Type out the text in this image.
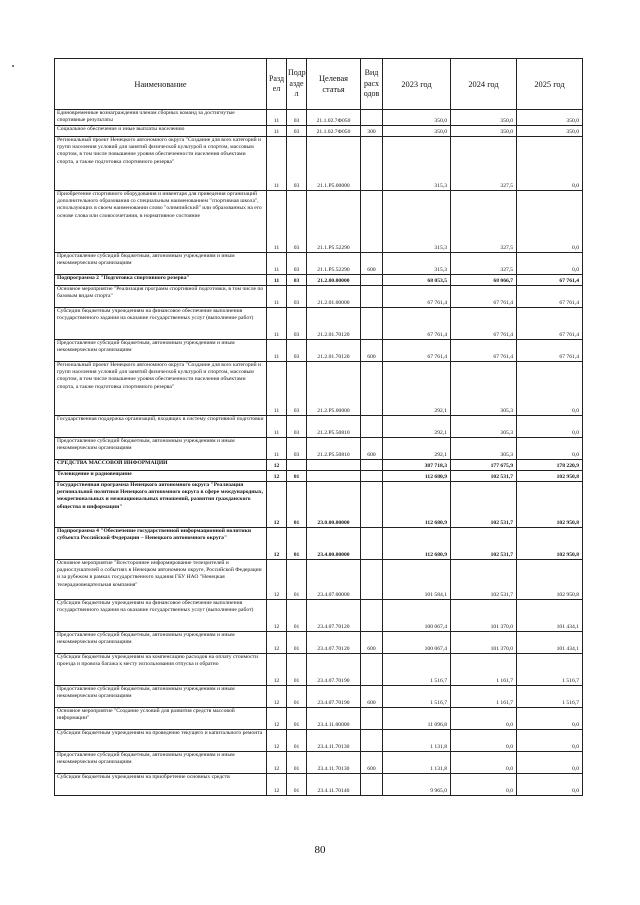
Наименование	Разд ел	Подр азде л	Целевая статья	Вид расх одов	2023 год	2024 год	2025 год
Единовременные вознаграждения членам сборных команд за достигнутые спортивные результаты	11	03	21.1.02.7Ф050		350,0	350,0	350,0
Социальное обеспечение и иные выплаты населению	11	03	21.1.02.7Ф050	300	350,0	350,0	350,0
Региональный проект Ненецкого автономного округа "Создание для всех категорий и групп населения условий для занятий физической культурой и спортом, массовым спортом, в том числе повышение уровня обеспеченности населения объектами спорта, а также подготовка спортивного резерва"	11	03	21.1.Р5.00000		315,3	327,5	0,0
Приобретение спортивного оборудования и инвентаря для приведения организаций дополнительного образования со специальным наименованием "спортивная школа", использующих в своем наименовании слово "олимпийский" или образованных на его основе слова или словосочетания, в нормативное состояние	11	03	21.1.Р5.52290		315,3	327,5	0,0
Предоставление субсидий бюджетным, автономным учреждениям и иным некоммерческим организациям	11	03	21.1.Р5.52290	600	315,3	327,5	0,0
Подпрограмма 2 "Подготовка спортивного резерва"	11	03	21.2.00.00000		68 053,5	68 066,7	67 761,4
Основное мероприятие "Реализация программ спортивной подготовки, в том числе по базовым видам спорта"	11	03	21.2.01.00000		67 761,4	67 761,4	67 761,4
Субсидии бюджетным учреждениям на финансовое обеспечение выполнения государственного задания на оказание государственных услуг (выполнение работ)	11	03	21.2.01.70120		67 761,4	67 761,4	67 761,4
Предоставление субсидий бюджетным, автономным учреждениям и иным некоммерческим организациям	11	03	21.2.01.70120	600	67 761,4	67 761,4	67 761,4
Региональный проект Ненецкого автономного округа "Создание для всех категорий и групп населения условий для занятий физической культурой и спортом, массовым спортом, в том числе повышение уровня обеспеченности населения объектами спорта, а также подготовка спортивного резерва"	11	03	21.2.Р5.00000		292,1	305,3	0,0
Государственная поддержка организаций, входящих в систему спортивной подготовки	11	03	21.2.Р5.50810		292,1	305,3	0,0
Предоставление субсидий бюджетным, автономным учреждениям и иным некоммерческим организациям	11	03	21.2.Р5.50810	600	292,1	305,3	0,0
СРЕДСТВА МАССОВОЙ ИНФОРМАЦИИ	12				387 718,3	177 675,9	178 220,9
Телевидение и радиовещание	12	01			112 680,9	102 531,7	102 950,8
Государственная программа Ненецкого автономного округа "Реализация региональной политики Ненецкого автономного округа в сфере международных, межрегиональных и межнациональных отношений, развития гражданского общества и информации"	12	01	23.0.00.00000		112 680,9	102 531,7	102 950,8
Подпрограмма 4 "Обеспечение государственной информационной политики субъекта Российской Федерации – Ненецкого автономного округа"	12	01	23.4.00.00000		112 680,9	102 531,7	102 950,8
Основное мероприятие "Всестороннее информирование телезрителей и радиослушателей о событиях в Ненецком автономном округе, Российской Федерации и за рубежом в рамках государственного задания ГБУ НАО "Ненецкая телерадиовещательная компания"	12	01	23.4.07.00000		101 584,1	102 531,7	102 950,8
Субсидии бюджетным учреждениям на финансовое обеспечение выполнения государственного задания на оказание государственных услуг (выполнение работ)	12	01	23.4.07.70120		100 067,4	101 370,0	101 434,1
Предоставление субсидий бюджетным, автономным учреждениям и иным некоммерческим организациям	12	01	23.4.07.70120	600	100 067,4	101 370,0	101 434,1
Субсидии бюджетным учреждениям на компенсацию расходов на оплату стоимости проезда и провоза багажа к месту использования отпуска и обратно	12	01	23.4.07.70190		1 516,7	1 161,7	1 516,7
Предоставление субсидий бюджетным, автономным учреждениям и иным некоммерческим организациям	12	01	23.4.07.70190	600	1 516,7	1 161,7	1 516,7
Основное мероприятие "Создание условий для развития средств массовой информации"	12	01	23.4.11.00000		11 096,8	0,0	0,0
Субсидии бюджетным учреждениям на проведение текущего и капитального ремонта	12	01	23.4.11.70130		1 131,8	0,0	0,0
Предоставление субсидий бюджетным, автономным учреждениям и иным некоммерческим организациям	12	01	23.4.11.70130	600	1 131,8	0,0	0,0
Субсидии бюджетным учреждениям на приобретение основных средств	12	01	23.4.11.70140		9 965,0	0,0	0,0
80
